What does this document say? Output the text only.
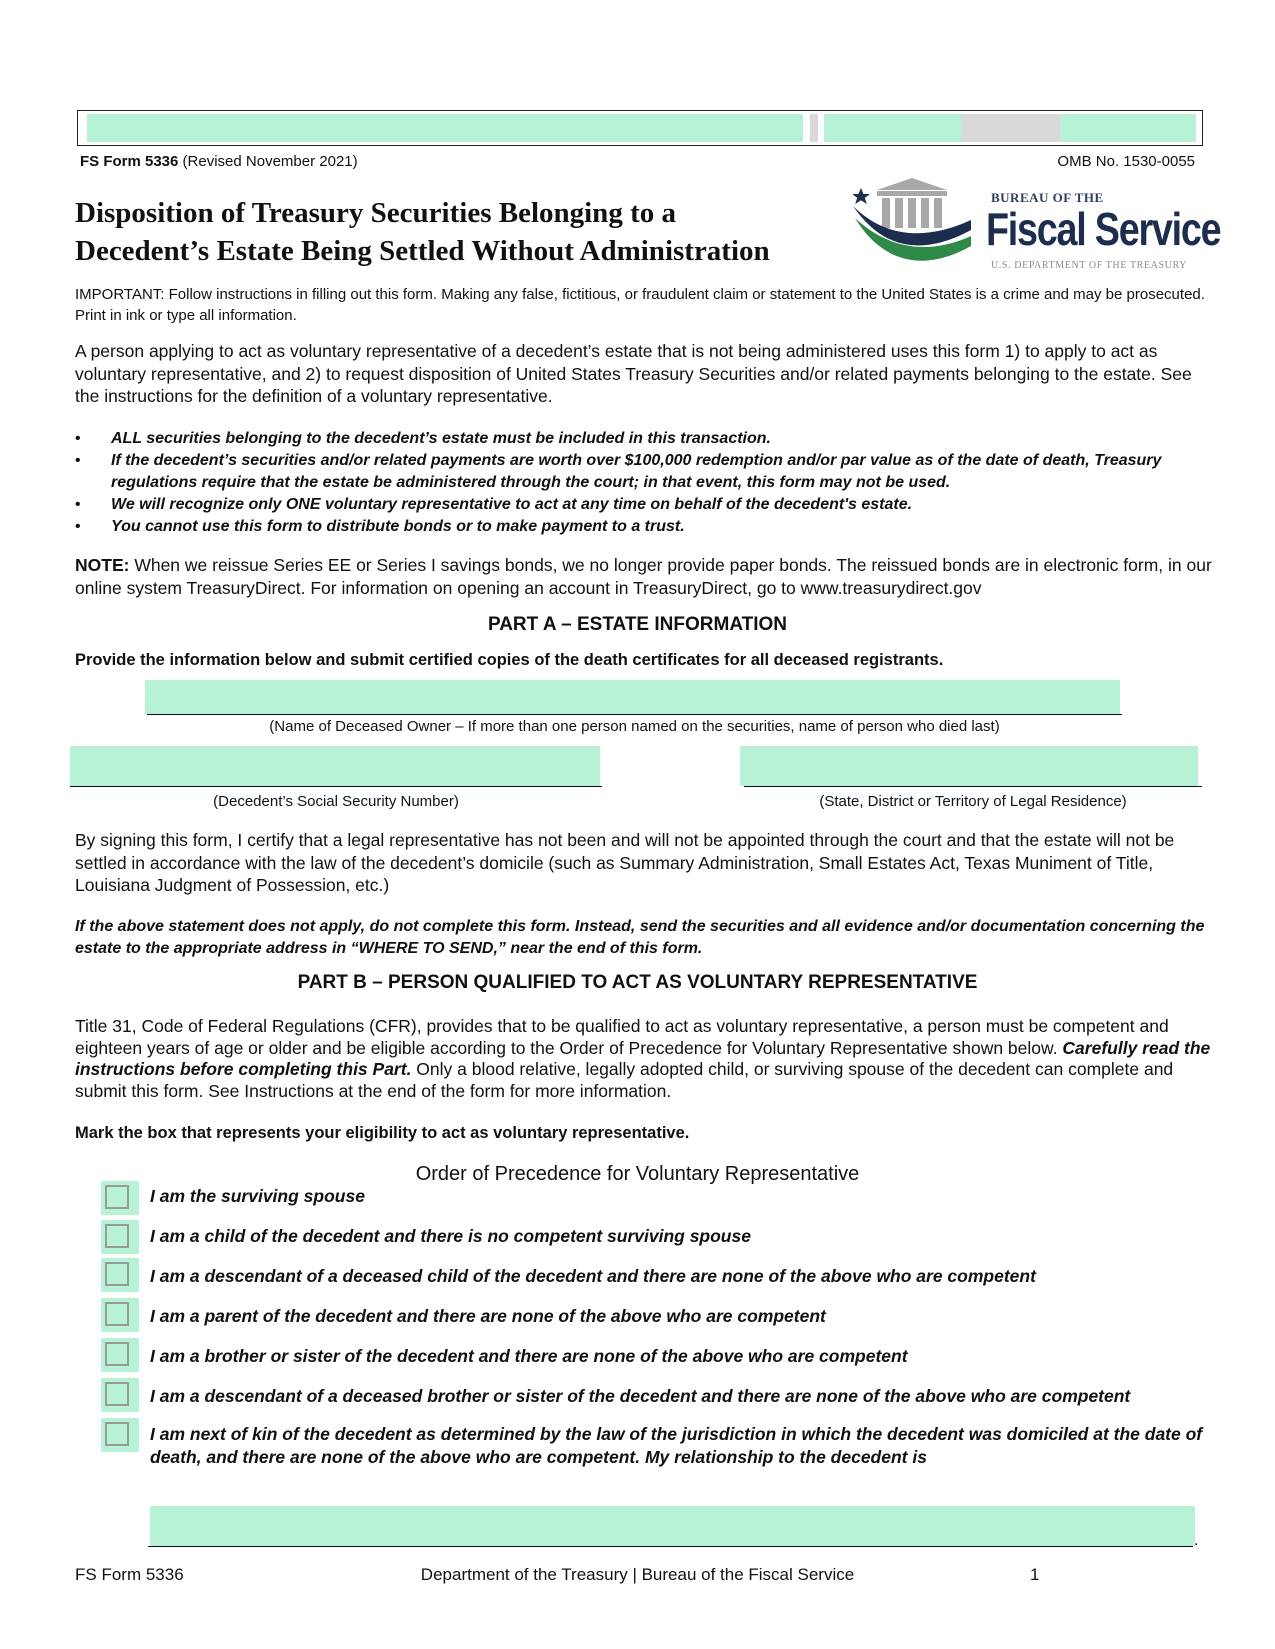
FS Form 5336 (Revised November 2021)	OMB No. 1530-0055
Disposition of Treasury Securities Belonging to a
Decedent’s Estate Being Settled Without Administration
BUREAU OF THE
Fiscal Service
U.S. DEPARTMENT OF THE TREASURY
IMPORTANT: Follow instructions in filling out this form. Making any false, fictitious, or fraudulent claim or statement to the United States is a crime and may be prosecuted. Print in ink or type all information.
A person applying to act as voluntary representative of a decedent’s estate that is not being administered uses this form 1) to apply to act as voluntary representative, and 2) to request disposition of United States Treasury Securities and/or related payments belonging to the estate. See the instructions for the definition of a voluntary representative.
• ALL securities belonging to the decedent’s estate must be included in this transaction.
• If the decedent’s securities and/or related payments are worth over $100,000 redemption and/or par value as of the date of death, Treasury regulations require that the estate be administered through the court; in that event, this form may not be used.
• We will recognize only ONE voluntary representative to act at any time on behalf of the decedent's estate.
• You cannot use this form to distribute bonds or to make payment to a trust.
NOTE: When we reissue Series EE or Series I savings bonds, we no longer provide paper bonds. The reissued bonds are in electronic form, in our online system TreasuryDirect. For information on opening an account in TreasuryDirect, go to www.treasurydirect.gov
PART A – ESTATE INFORMATION
Provide the information below and submit certified copies of the death certificates for all deceased registrants.
(Name of Deceased Owner – If more than one person named on the securities, name of person who died last)
(Decedent’s Social Security Number)	(State, District or Territory of Legal Residence)
By signing this form, I certify that a legal representative has not been and will not be appointed through the court and that the estate will not be settled in accordance with the law of the decedent’s domicile (such as Summary Administration, Small Estates Act, Texas Muniment of Title, Louisiana Judgment of Possession, etc.)
If the above statement does not apply, do not complete this form. Instead, send the securities and all evidence and/or documentation concerning the estate to the appropriate address in “WHERE TO SEND,” near the end of this form.
PART B – PERSON QUALIFIED TO ACT AS VOLUNTARY REPRESENTATIVE
Title 31, Code of Federal Regulations (CFR), provides that to be qualified to act as voluntary representative, a person must be competent and eighteen years of age or older and be eligible according to the Order of Precedence for Voluntary Representative shown below. Carefully read the instructions before completing this Part. Only a blood relative, legally adopted child, or surviving spouse of the decedent can complete and submit this form. See Instructions at the end of the form for more information.
Mark the box that represents your eligibility to act as voluntary representative.
Order of Precedence for Voluntary Representative
I am the surviving spouse
I am a child of the decedent and there is no competent surviving spouse
I am a descendant of a deceased child of the decedent and there are none of the above who are competent
I am a parent of the decedent and there are none of the above who are competent
I am a brother or sister of the decedent and there are none of the above who are competent
I am a descendant of a deceased brother or sister of the decedent and there are none of the above who are competent
I am next of kin of the decedent as determined by the law of the jurisdiction in which the decedent was domiciled at the date of death, and there are none of the above who are competent. My relationship to the decedent is
.
FS Form 5336	Department of the Treasury | Bureau of the Fiscal Service	1
